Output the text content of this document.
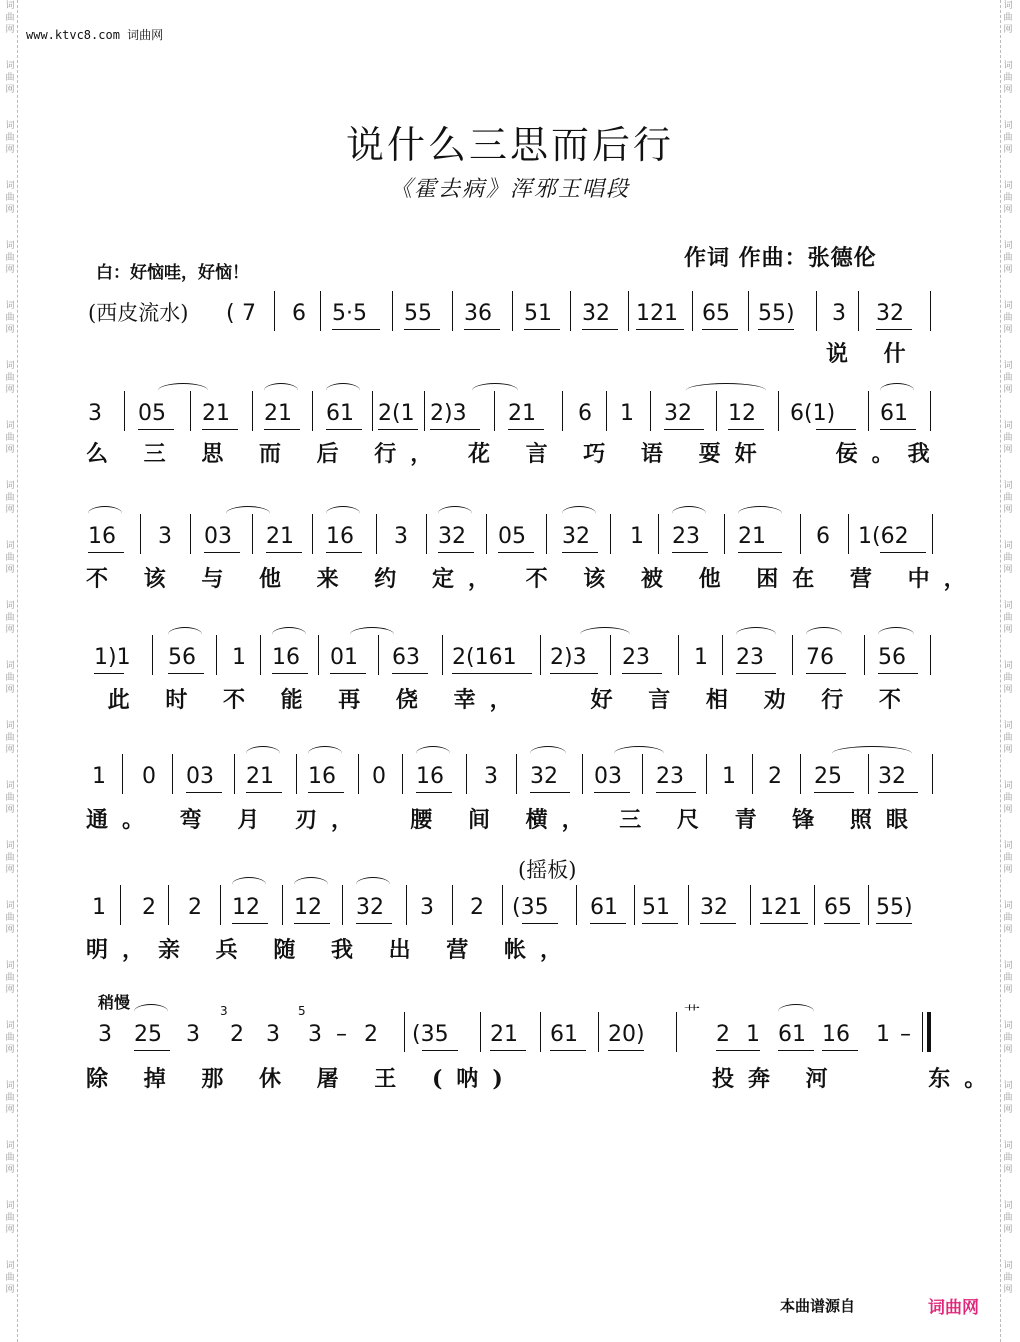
词
曲
网
词
曲
网
词
曲
网
词
曲
网
词
曲
网
词
曲
网
词
曲
网
词
曲
网
词
曲
网
词
曲
网
词
曲
网
词
曲
网
词
曲
网
词
曲
网
词
曲
网
词
曲
网
词
曲
网
词
曲
网
词
曲
网
词
曲
网
词
曲
网
词
曲
网
词
曲
网
词
曲
网
词
曲
网
词
曲
网
词
曲
网
词
曲
网
词
曲
网
词
曲
网
词
曲
网
词
曲
网
词
曲
网
词
曲
网
词
曲
网
词
曲
网
词
曲
网
词
曲
网
词
曲
网
词
曲
网
词
曲
网
词
曲
网
词
曲
网
词
曲
网
www.ktvc8.com 词曲网
说什么三思而后行
《霍去病》浑邪王唱段
作词 作曲：张德伦
白：好恼哇，好恼！
(西皮流水) ( 7 6 5·5 55 36 51 32 121 65 55) 3 32
说 什
3 05 21 21 61 2(1 2)3 21 6 1 32 12 6(1) 61
么 三 思 而 后 行， 花 言 巧 语 耍奸   佞。我
16 3 03 21 16 3 32 05 32 1 23 21 6 1(62
不 该 与 他 来 约 定， 不 该 被 他 困在 营 中，
1)1 56 1 16 01 63 2(161 2)3 23 1 23 76 56
此 时 不 能 再 侥 幸，   好 言 相 劝 行 不
1 0 03 21 16 0 16 3 32 03 23 1 2 25 32
通。 弯 月 刃，  腰 间 横， 三 尺 青 锋 照眼
(摇板)
1 2 2 12 12 32 3 2 (35 61 51 32 121 65 55)
明，亲 兵 随 我 出 营 帐，
稍慢
3 25 3
3
2 3
5
3 – 2 (35 21 61 20)
艹
2 1 61 16 1 –
除 掉 那 休 屠 王 (呐)	投奔 河    东。
本曲谱源自	词曲网
